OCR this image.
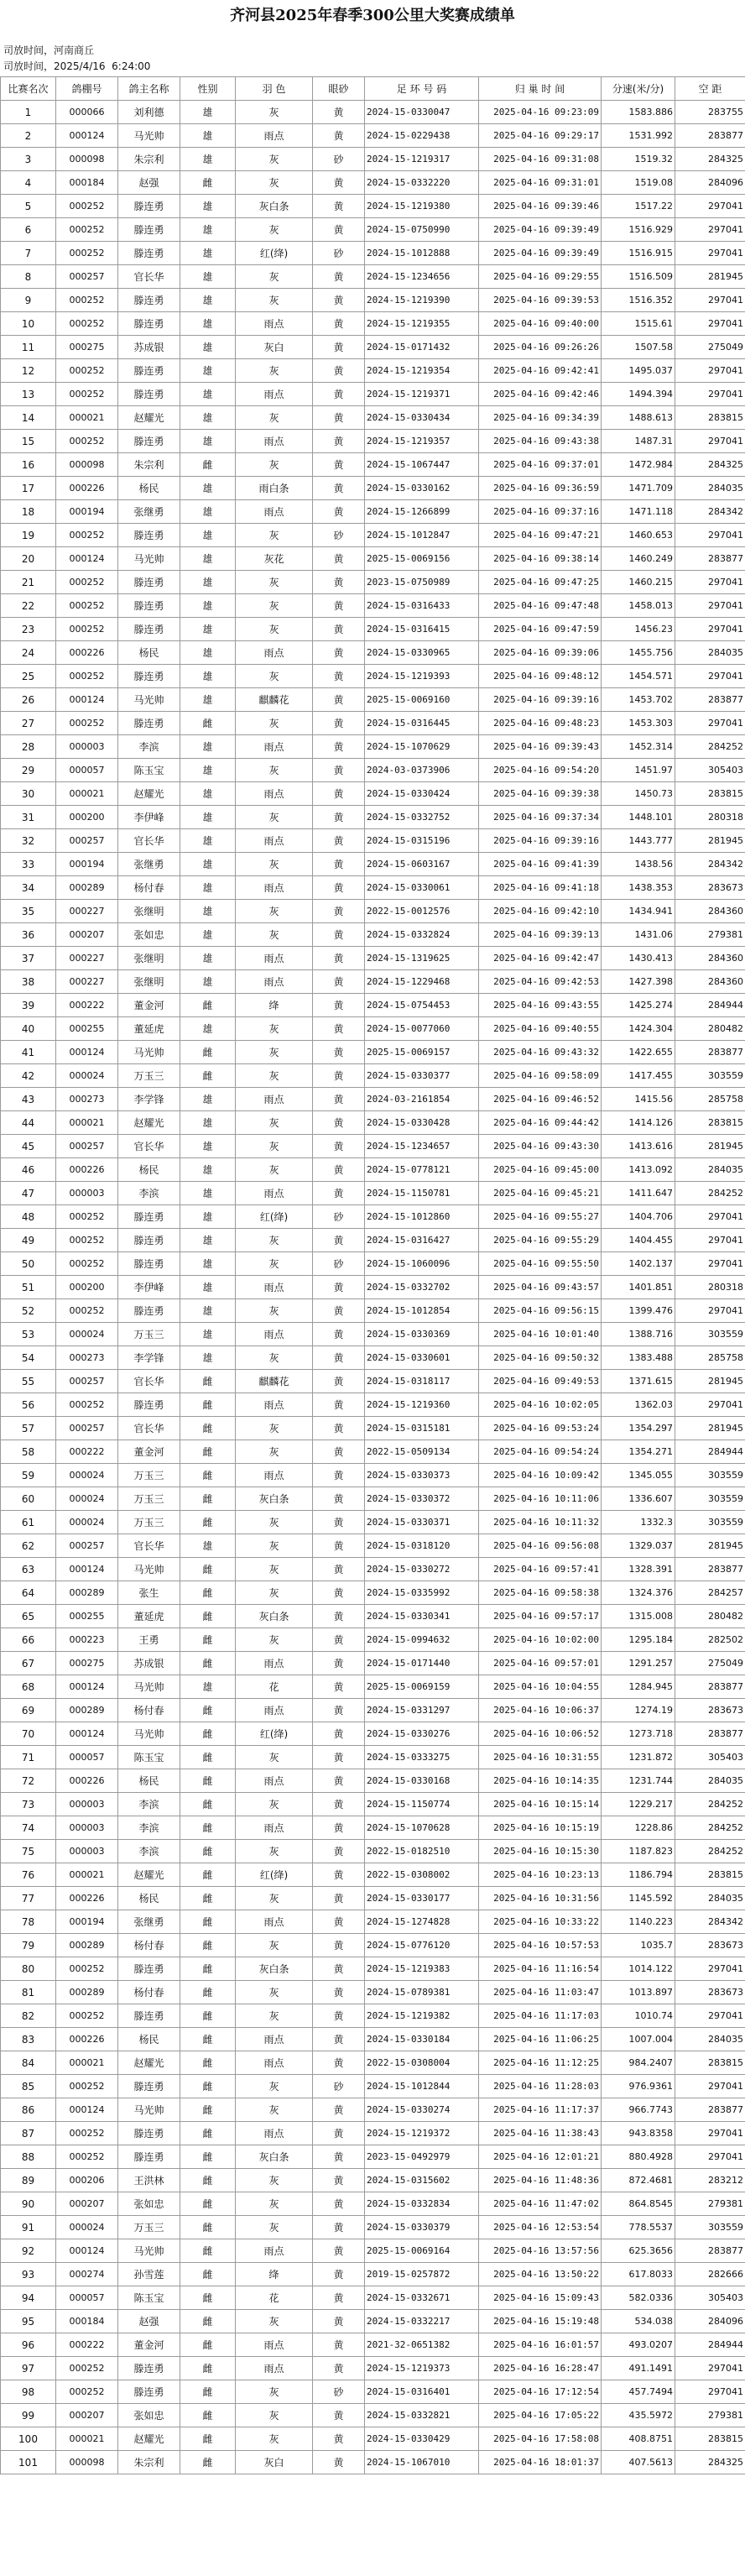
齐河县2025年春季300公里大奖赛成绩单
司放时间，河南商丘
司放时间，2025/4/16  6:24:00
比赛名次	鸽棚号	鸽主名称	性别	羽 色	眼砂	足 环 号 码	归 巢 时 间	分速(米/分)	空 距
1	000066	刘利德	雄	灰	黄	2024-15-0330047	2025-04-16 09:23:09	1583.886	283755
2	000124	马光帅	雄	雨点	黄	2024-15-0229438	2025-04-16 09:29:17	1531.992	283877
3	000098	朱宗利	雄	灰	砂	2024-15-1219317	2025-04-16 09:31:08	1519.32	284325
4	000184	赵强	雌	灰	黄	2024-15-0332220	2025-04-16 09:31:01	1519.08	284096
5	000252	滕连勇	雄	灰白条	黄	2024-15-1219380	2025-04-16 09:39:46	1517.22	297041
6	000252	滕连勇	雄	灰	黄	2024-15-0750990	2025-04-16 09:39:49	1516.929	297041
7	000252	滕连勇	雄	红(绛)	砂	2024-15-1012888	2025-04-16 09:39:49	1516.915	297041
8	000257	官长华	雄	灰	黄	2024-15-1234656	2025-04-16 09:29:55	1516.509	281945
9	000252	滕连勇	雄	灰	黄	2024-15-1219390	2025-04-16 09:39:53	1516.352	297041
10	000252	滕连勇	雄	雨点	黄	2024-15-1219355	2025-04-16 09:40:00	1515.61	297041
11	000275	苏成银	雄	灰白	黄	2024-15-0171432	2025-04-16 09:26:26	1507.58	275049
12	000252	滕连勇	雄	灰	黄	2024-15-1219354	2025-04-16 09:42:41	1495.037	297041
13	000252	滕连勇	雄	雨点	黄	2024-15-1219371	2025-04-16 09:42:46	1494.394	297041
14	000021	赵耀光	雄	灰	黄	2024-15-0330434	2025-04-16 09:34:39	1488.613	283815
15	000252	滕连勇	雄	雨点	黄	2024-15-1219357	2025-04-16 09:43:38	1487.31	297041
16	000098	朱宗利	雌	灰	黄	2024-15-1067447	2025-04-16 09:37:01	1472.984	284325
17	000226	杨民	雄	雨白条	黄	2024-15-0330162	2025-04-16 09:36:59	1471.709	284035
18	000194	张继勇	雄	雨点	黄	2024-15-1266899	2025-04-16 09:37:16	1471.118	284342
19	000252	滕连勇	雄	灰	砂	2024-15-1012847	2025-04-16 09:47:21	1460.653	297041
20	000124	马光帅	雄	灰花	黄	2025-15-0069156	2025-04-16 09:38:14	1460.249	283877
21	000252	滕连勇	雄	灰	黄	2023-15-0750989	2025-04-16 09:47:25	1460.215	297041
22	000252	滕连勇	雄	灰	黄	2024-15-0316433	2025-04-16 09:47:48	1458.013	297041
23	000252	滕连勇	雄	灰	黄	2024-15-0316415	2025-04-16 09:47:59	1456.23	297041
24	000226	杨民	雄	雨点	黄	2024-15-0330965	2025-04-16 09:39:06	1455.756	284035
25	000252	滕连勇	雄	灰	黄	2024-15-1219393	2025-04-16 09:48:12	1454.571	297041
26	000124	马光帅	雄	麒麟花	黄	2025-15-0069160	2025-04-16 09:39:16	1453.702	283877
27	000252	滕连勇	雌	灰	黄	2024-15-0316445	2025-04-16 09:48:23	1453.303	297041
28	000003	李滨	雄	雨点	黄	2024-15-1070629	2025-04-16 09:39:43	1452.314	284252
29	000057	陈玉宝	雄	灰	黄	2024-03-0373906	2025-04-16 09:54:20	1451.97	305403
30	000021	赵耀光	雄	雨点	黄	2024-15-0330424	2025-04-16 09:39:38	1450.73	283815
31	000200	李伊峰	雄	灰	黄	2024-15-0332752	2025-04-16 09:37:34	1448.101	280318
32	000257	官长华	雄	雨点	黄	2024-15-0315196	2025-04-16 09:39:16	1443.777	281945
33	000194	张继勇	雄	灰	黄	2024-15-0603167	2025-04-16 09:41:39	1438.56	284342
34	000289	杨付春	雄	雨点	黄	2024-15-0330061	2025-04-16 09:41:18	1438.353	283673
35	000227	张继明	雄	灰	黄	2022-15-0012576	2025-04-16 09:42:10	1434.941	284360
36	000207	张如忠	雄	灰	黄	2024-15-0332824	2025-04-16 09:39:13	1431.06	279381
37	000227	张继明	雄	雨点	黄	2024-15-1319625	2025-04-16 09:42:47	1430.413	284360
38	000227	张继明	雄	雨点	黄	2024-15-1229468	2025-04-16 09:42:53	1427.398	284360
39	000222	董金河	雌	绛	黄	2024-15-0754453	2025-04-16 09:43:55	1425.274	284944
40	000255	董延虎	雄	灰	黄	2024-15-0077060	2025-04-16 09:40:55	1424.304	280482
41	000124	马光帅	雌	灰	黄	2025-15-0069157	2025-04-16 09:43:32	1422.655	283877
42	000024	万玉三	雌	灰	黄	2024-15-0330377	2025-04-16 09:58:09	1417.455	303559
43	000273	李学锋	雄	雨点	黄	2024-03-2161854	2025-04-16 09:46:52	1415.56	285758
44	000021	赵耀光	雄	灰	黄	2024-15-0330428	2025-04-16 09:44:42	1414.126	283815
45	000257	官长华	雄	灰	黄	2024-15-1234657	2025-04-16 09:43:30	1413.616	281945
46	000226	杨民	雄	灰	黄	2024-15-0778121	2025-04-16 09:45:00	1413.092	284035
47	000003	李滨	雄	雨点	黄	2024-15-1150781	2025-04-16 09:45:21	1411.647	284252
48	000252	滕连勇	雄	红(绛)	砂	2024-15-1012860	2025-04-16 09:55:27	1404.706	297041
49	000252	滕连勇	雄	灰	黄	2024-15-0316427	2025-04-16 09:55:29	1404.455	297041
50	000252	滕连勇	雄	灰	砂	2024-15-1060096	2025-04-16 09:55:50	1402.137	297041
51	000200	李伊峰	雄	雨点	黄	2024-15-0332702	2025-04-16 09:43:57	1401.851	280318
52	000252	滕连勇	雄	灰	黄	2024-15-1012854	2025-04-16 09:56:15	1399.476	297041
53	000024	万玉三	雄	雨点	黄	2024-15-0330369	2025-04-16 10:01:40	1388.716	303559
54	000273	李学锋	雄	灰	黄	2024-15-0330601	2025-04-16 09:50:32	1383.488	285758
55	000257	官长华	雌	麒麟花	黄	2024-15-0318117	2025-04-16 09:49:53	1371.615	281945
56	000252	滕连勇	雌	雨点	黄	2024-15-1219360	2025-04-16 10:02:05	1362.03	297041
57	000257	官长华	雌	灰	黄	2024-15-0315181	2025-04-16 09:53:24	1354.297	281945
58	000222	董金河	雌	灰	黄	2022-15-0509134	2025-04-16 09:54:24	1354.271	284944
59	000024	万玉三	雌	雨点	黄	2024-15-0330373	2025-04-16 10:09:42	1345.055	303559
60	000024	万玉三	雌	灰白条	黄	2024-15-0330372	2025-04-16 10:11:06	1336.607	303559
61	000024	万玉三	雌	灰	黄	2024-15-0330371	2025-04-16 10:11:32	1332.3	303559
62	000257	官长华	雄	灰	黄	2024-15-0318120	2025-04-16 09:56:08	1329.037	281945
63	000124	马光帅	雌	灰	黄	2024-15-0330272	2025-04-16 09:57:41	1328.391	283877
64	000289	张生	雌	灰	黄	2024-15-0335992	2025-04-16 09:58:38	1324.376	284257
65	000255	董延虎	雌	灰白条	黄	2024-15-0330341	2025-04-16 09:57:17	1315.008	280482
66	000223	王勇	雌	灰	黄	2024-15-0994632	2025-04-16 10:02:00	1295.184	282502
67	000275	苏成银	雌	雨点	黄	2024-15-0171440	2025-04-16 09:57:01	1291.257	275049
68	000124	马光帅	雄	花	黄	2025-15-0069159	2025-04-16 10:04:55	1284.945	283877
69	000289	杨付春	雌	雨点	黄	2024-15-0331297	2025-04-16 10:06:37	1274.19	283673
70	000124	马光帅	雌	红(绛)	黄	2024-15-0330276	2025-04-16 10:06:52	1273.718	283877
71	000057	陈玉宝	雌	灰	黄	2024-15-0333275	2025-04-16 10:31:55	1231.872	305403
72	000226	杨民	雌	雨点	黄	2024-15-0330168	2025-04-16 10:14:35	1231.744	284035
73	000003	李滨	雌	灰	黄	2024-15-1150774	2025-04-16 10:15:14	1229.217	284252
74	000003	李滨	雌	雨点	黄	2024-15-1070628	2025-04-16 10:15:19	1228.86	284252
75	000003	李滨	雌	灰	黄	2022-15-0182510	2025-04-16 10:15:30	1187.823	284252
76	000021	赵耀光	雌	红(绛)	黄	2022-15-0308002	2025-04-16 10:23:13	1186.794	283815
77	000226	杨民	雌	灰	黄	2024-15-0330177	2025-04-16 10:31:56	1145.592	284035
78	000194	张继勇	雌	雨点	黄	2024-15-1274828	2025-04-16 10:33:22	1140.223	284342
79	000289	杨付春	雌	灰	黄	2024-15-0776120	2025-04-16 10:57:53	1035.7	283673
80	000252	滕连勇	雌	灰白条	黄	2024-15-1219383	2025-04-16 11:16:54	1014.122	297041
81	000289	杨付春	雌	灰	黄	2024-15-0789381	2025-04-16 11:03:47	1013.897	283673
82	000252	滕连勇	雌	灰	黄	2024-15-1219382	2025-04-16 11:17:03	1010.74	297041
83	000226	杨民	雌	雨点	黄	2024-15-0330184	2025-04-16 11:06:25	1007.004	284035
84	000021	赵耀光	雌	雨点	黄	2022-15-0308004	2025-04-16 11:12:25	984.2407	283815
85	000252	滕连勇	雌	灰	砂	2024-15-1012844	2025-04-16 11:28:03	976.9361	297041
86	000124	马光帅	雌	灰	黄	2024-15-0330274	2025-04-16 11:17:37	966.7743	283877
87	000252	滕连勇	雌	雨点	黄	2024-15-1219372	2025-04-16 11:38:43	943.8358	297041
88	000252	滕连勇	雌	灰白条	黄	2023-15-0492979	2025-04-16 12:01:21	880.4928	297041
89	000206	王洪林	雌	灰	黄	2024-15-0315602	2025-04-16 11:48:36	872.4681	283212
90	000207	张如忠	雌	灰	黄	2024-15-0332834	2025-04-16 11:47:02	864.8545	279381
91	000024	万玉三	雌	灰	黄	2024-15-0330379	2025-04-16 12:53:54	778.5537	303559
92	000124	马光帅	雌	雨点	黄	2025-15-0069164	2025-04-16 13:57:56	625.3656	283877
93	000274	孙雪莲	雌	绛	黄	2019-15-0257872	2025-04-16 13:50:22	617.8033	282666
94	000057	陈玉宝	雌	花	黄	2024-15-0332671	2025-04-16 15:09:43	582.0336	305403
95	000184	赵强	雌	灰	黄	2024-15-0332217	2025-04-16 15:19:48	534.038	284096
96	000222	董金河	雌	雨点	黄	2021-32-0651382	2025-04-16 16:01:57	493.0207	284944
97	000252	滕连勇	雌	雨点	黄	2024-15-1219373	2025-04-16 16:28:47	491.1491	297041
98	000252	滕连勇	雌	灰	砂	2024-15-0316401	2025-04-16 17:12:54	457.7494	297041
99	000207	张如忠	雌	灰	黄	2024-15-0332821	2025-04-16 17:05:22	435.5972	279381
100	000021	赵耀光	雌	灰	黄	2024-15-0330429	2025-04-16 17:58:08	408.8751	283815
101	000098	朱宗利	雌	灰白	黄	2024-15-1067010	2025-04-16 18:01:37	407.5613	284325
